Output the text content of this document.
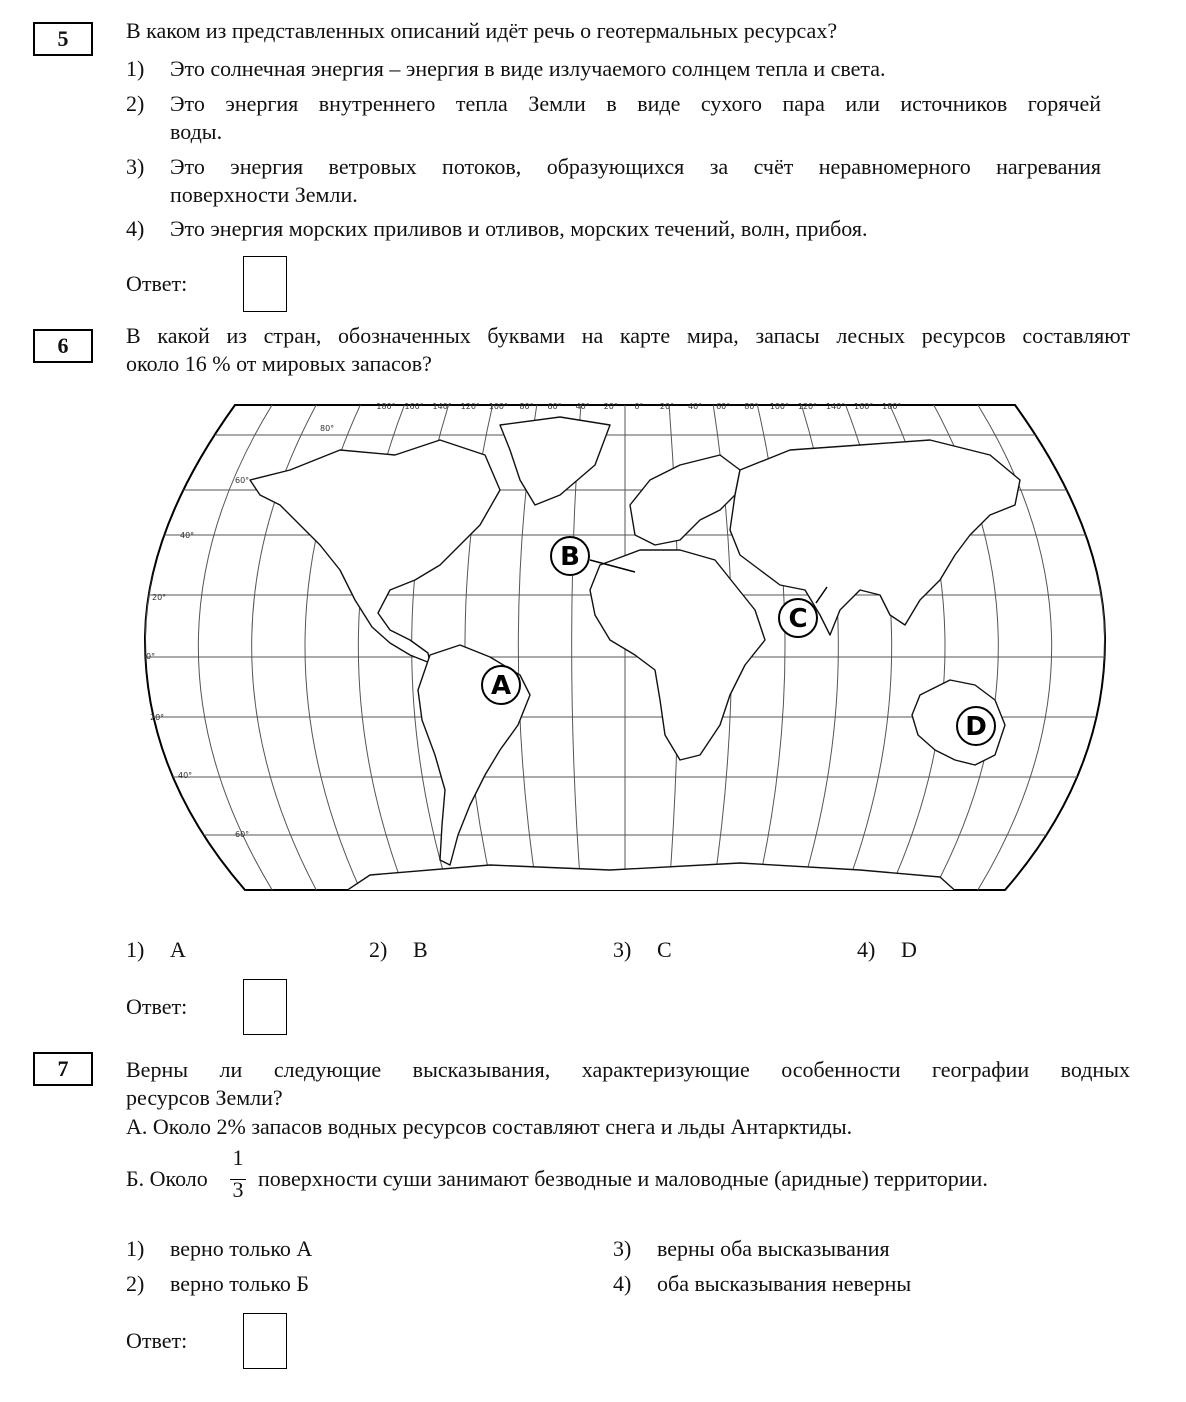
5	В каком из представленных описаний идёт речь о геотермальных ресурсах?
1) Это солнечная энергия – энергия в виде излучаемого солнцем тепла и света.
2) Это энергия внутреннего тепла Земли в виде сухого пара или источников горячей
воды.
3) Это энергия ветровых потоков, образующихся за счёт неравномерного нагревания
поверхности Земли.
4) Это энергия морских приливов и отливов, морских течений, волн, прибоя.
Ответ:
6	В какой из стран, обозначенных буквами на карте мира, запасы лесных ресурсов составляют
около 16 % от мировых запасов?
A
B
C
D
180° 160° 140° 120° 100° 80° 60° 40° 20° 0° 20° 40° 60° 80° 100° 120° 140° 160° 180°
80°
60°
40°
20°
0°
20°
40°
60°
1) A	2) B	3) C	4) D
Ответ:
7	Верны ли следующие высказывания, характеризующие особенности географии водных
ресурсов Земли?
А. Около 2% запасов водных ресурсов составляют снега и льды Антарктиды.
Б. Около
1
3 поверхности суши занимают безводные и маловодные (аридные) территории.
1) верно только А	3) верны оба высказывания
2) верно только Б	4) оба высказывания неверны
Ответ:
